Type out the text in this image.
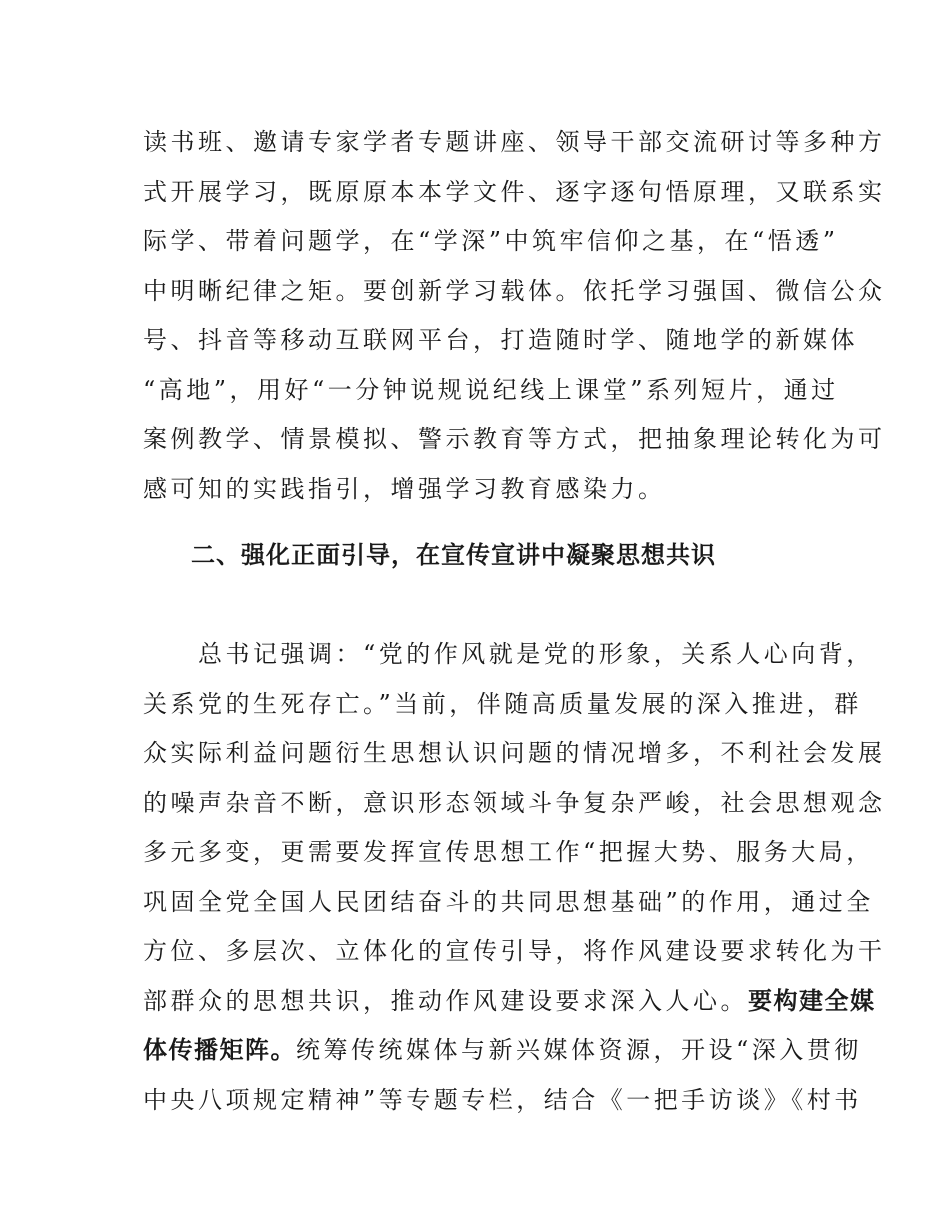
读书班、邀请专家学者专题讲座、领导干部交流研讨等多种方
式开展学习，既原原本本学文件、逐字逐句悟原理，又联系实
际学、带着问题学，在“学深”中筑牢信仰之基，在“悟透”
中明晰纪律之矩。要创新学习载体。依托学习强国、微信公众
号、抖音等移动互联网平台，打造随时学、随地学的新媒体
“高地”，用好“一分钟说规说纪线上课堂”系列短片，通过
案例教学、情景模拟、警示教育等方式，把抽象理论转化为可
感可知的实践指引，增强学习教育感染力。
二、强化正面引导，在宣传宣讲中凝聚思想共识
　　总书记强调：“党的作风就是党的形象，关系人心向背，
关系党的生死存亡。”当前，伴随高质量发展的深入推进，群
众实际利益问题衍生思想认识问题的情况增多，不利社会发展
的噪声杂音不断，意识形态领域斗争复杂严峻，社会思想观念
多元多变，更需要发挥宣传思想工作“把握大势、服务大局，
巩固全党全国人民团结奋斗的共同思想基础”的作用，通过全
方位、多层次、立体化的宣传引导，将作风建设要求转化为干
部群众的思想共识，推动作风建设要求深入人心。要构建全媒
体传播矩阵。统筹传统媒体与新兴媒体资源，开设“深入贯彻
中央八项规定精神”等专题专栏，结合《一把手访谈》《村书
